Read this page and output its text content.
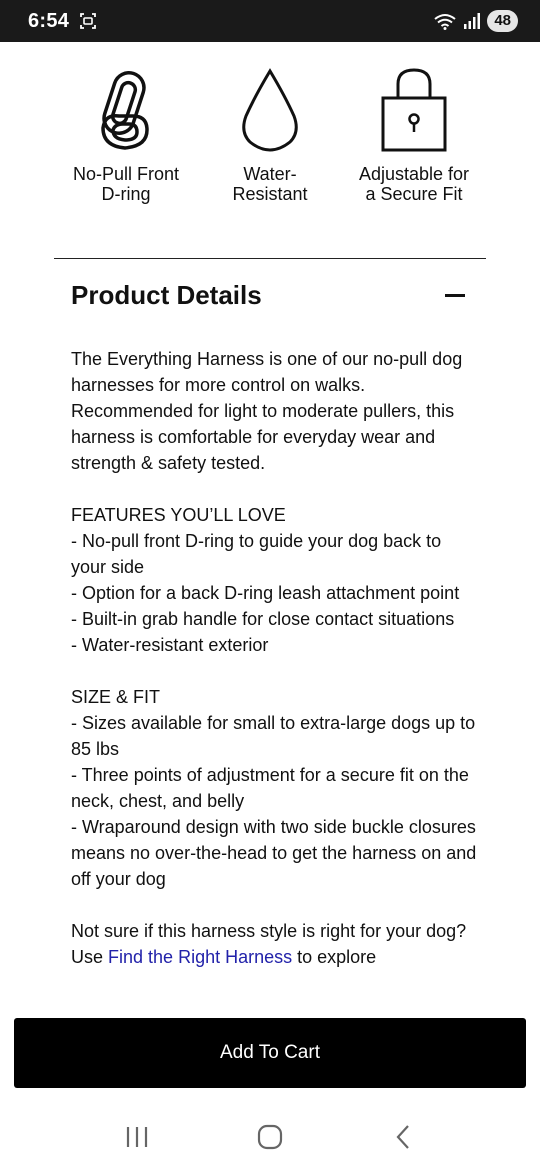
6:54	48
No-Pull Front D-ring
Water-Resistant
Adjustable for a Secure Fit
Product Details

The Everything Harness is one of our no-pull dog harnesses for more control on walks. Recommended for light to moderate pullers, this harness is comfortable for everyday wear and strength & safety tested.

FEATURES YOU’LL LOVE
- No-pull front D-ring to guide your dog back to your side
- Option for a back D-ring leash attachment point
- Built-in grab handle for close contact situations
- Water-resistant exterior

SIZE & FIT
- Sizes available for small to extra-large dogs up to 85 lbs
- Three points of adjustment for a secure fit on the neck, chest, and belly
- Wraparound design with two side buckle closures means no over-the-head to get the harness on and off your dog

Not sure if this harness style is right for your dog? Use Find the Right Harness to explore

Add To Cart
